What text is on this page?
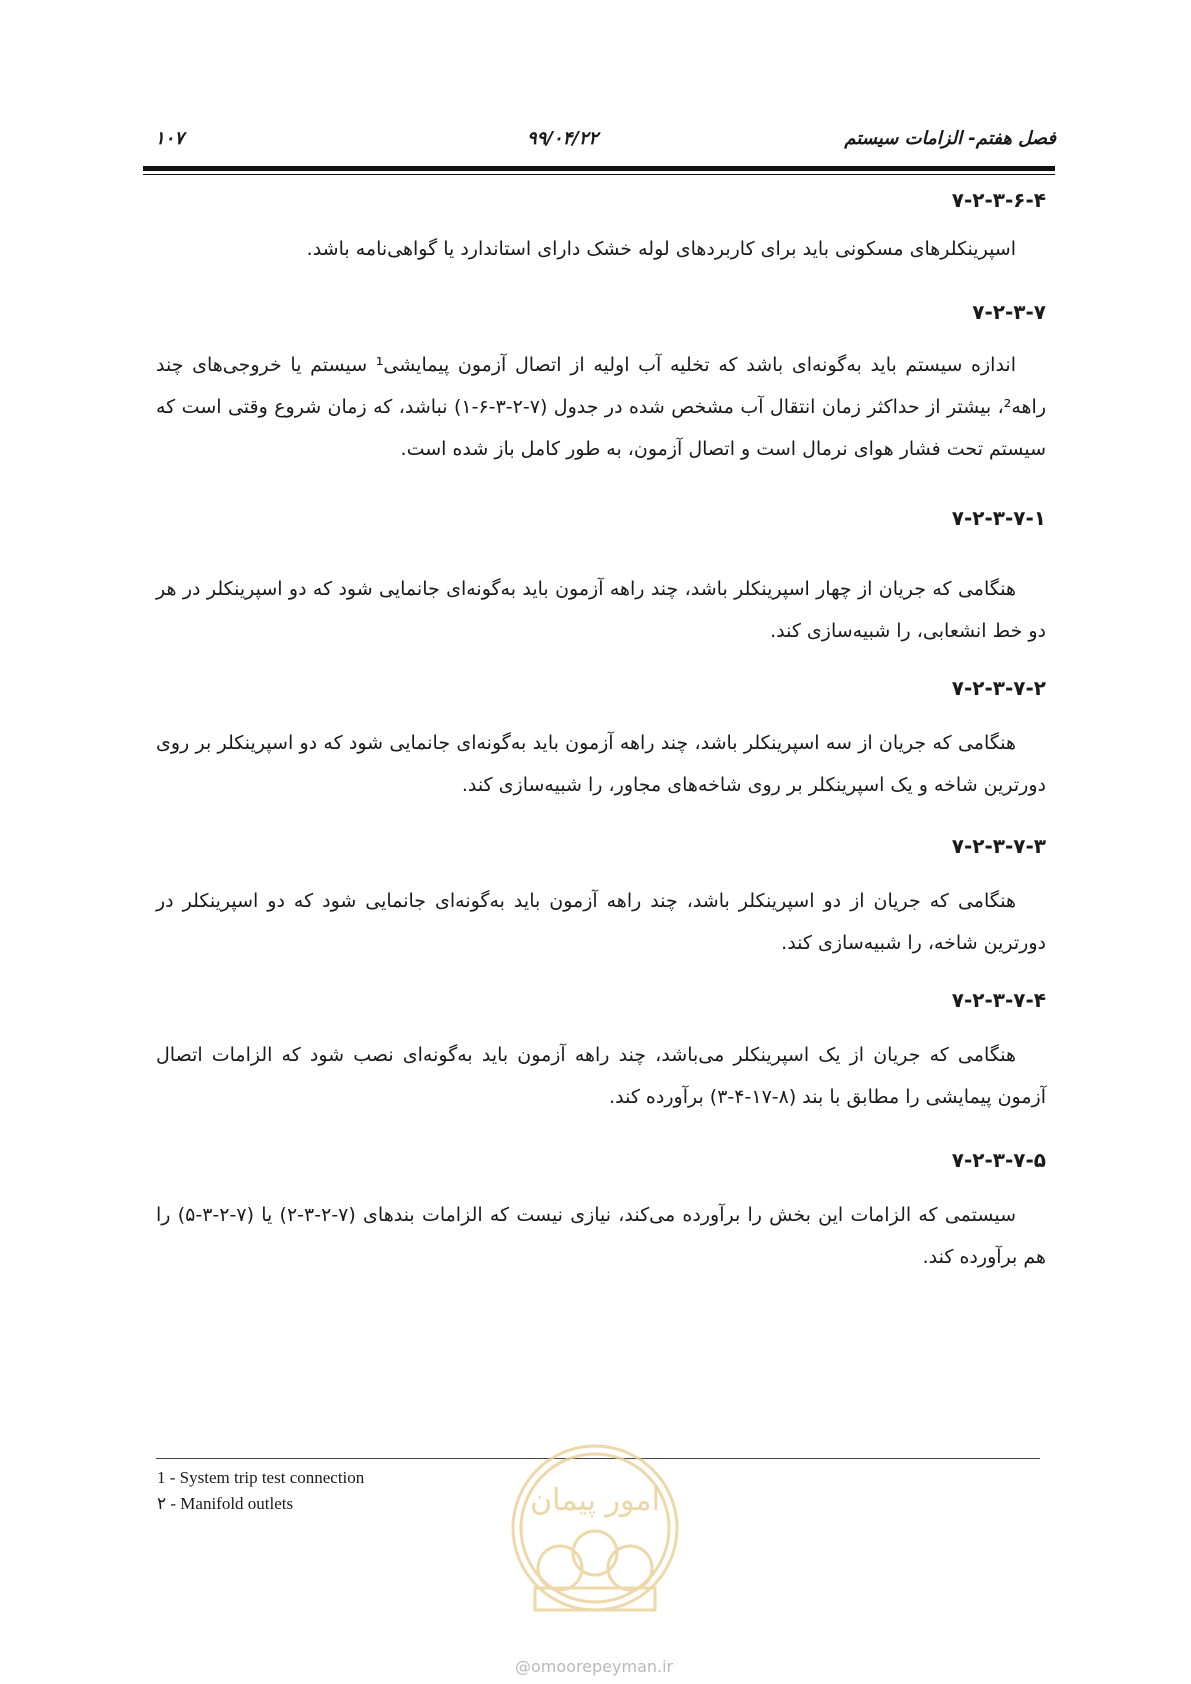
فصل هفتم- الزامات سیستم
۹۹/۰۴/۲۲
۱۰۷
۷-۲-۳-۶-۴

اسپرینکلرهای مسکونی باید برای کاربردهای لوله خشک دارای استاندارد یا گواهی‌نامه باشد.

۷-۲-۳-۷

اندازه سیستم باید به‌گونه‌ای باشد که تخلیه آب اولیه از اتصال آزمون پیمایشی¹ سیستم یا خروجی‌های چند راهه²، بیشتر از حداکثر زمان انتقال آب مشخص شده در جدول (۷-۲-۳-۶-۱) نباشد، که زمان شروع وقتی است که سیستم تحت فشار هوای نرمال است و اتصال آزمون، به طور کامل باز شده است.

۷-۲-۳-۷-۱

هنگامی که جریان از چهار اسپرینکلر باشد، چند راهه آزمون باید به‌گونه‌ای جانمایی شود که دو اسپرینکلر در هر دو خط انشعابی، را شبیه‌سازی کند.

۷-۲-۳-۷-۲

هنگامی که جریان از سه اسپرینکلر باشد، چند راهه آزمون باید به‌گونه‌ای جانمایی شود که دو اسپرینکلر بر روی دورترین شاخه و یک اسپرینکلر بر روی شاخه‌های مجاور، را شبیه‌سازی کند.

۷-۲-۳-۷-۳

هنگامی که جریان از دو اسپرینکلر باشد، چند راهه آزمون باید به‌گونه‌ای جانمایی شود که دو اسپرینکلر در دورترین شاخه، را شبیه‌سازی کند.

۷-۲-۳-۷-۴

هنگامی که جریان از یک اسپرینکلر می‌باشد، چند راهه آزمون باید به‌گونه‌ای نصب شود که الزامات اتصال آزمون پیمایشی را مطابق با بند (۸-۱۷-۴-۳) برآورده کند.

۷-۲-۳-۷-۵

سیستمی که الزامات این بخش را برآورده می‌کند، نیازی نیست که الزامات بندهای (۷-۲-۳-۲) یا (۷-۲-۳-۵) را هم برآورده کند.

1 - System trip test connection
۲ - Manifold outlets	امور پیمان
@omoorepeyman.ir
